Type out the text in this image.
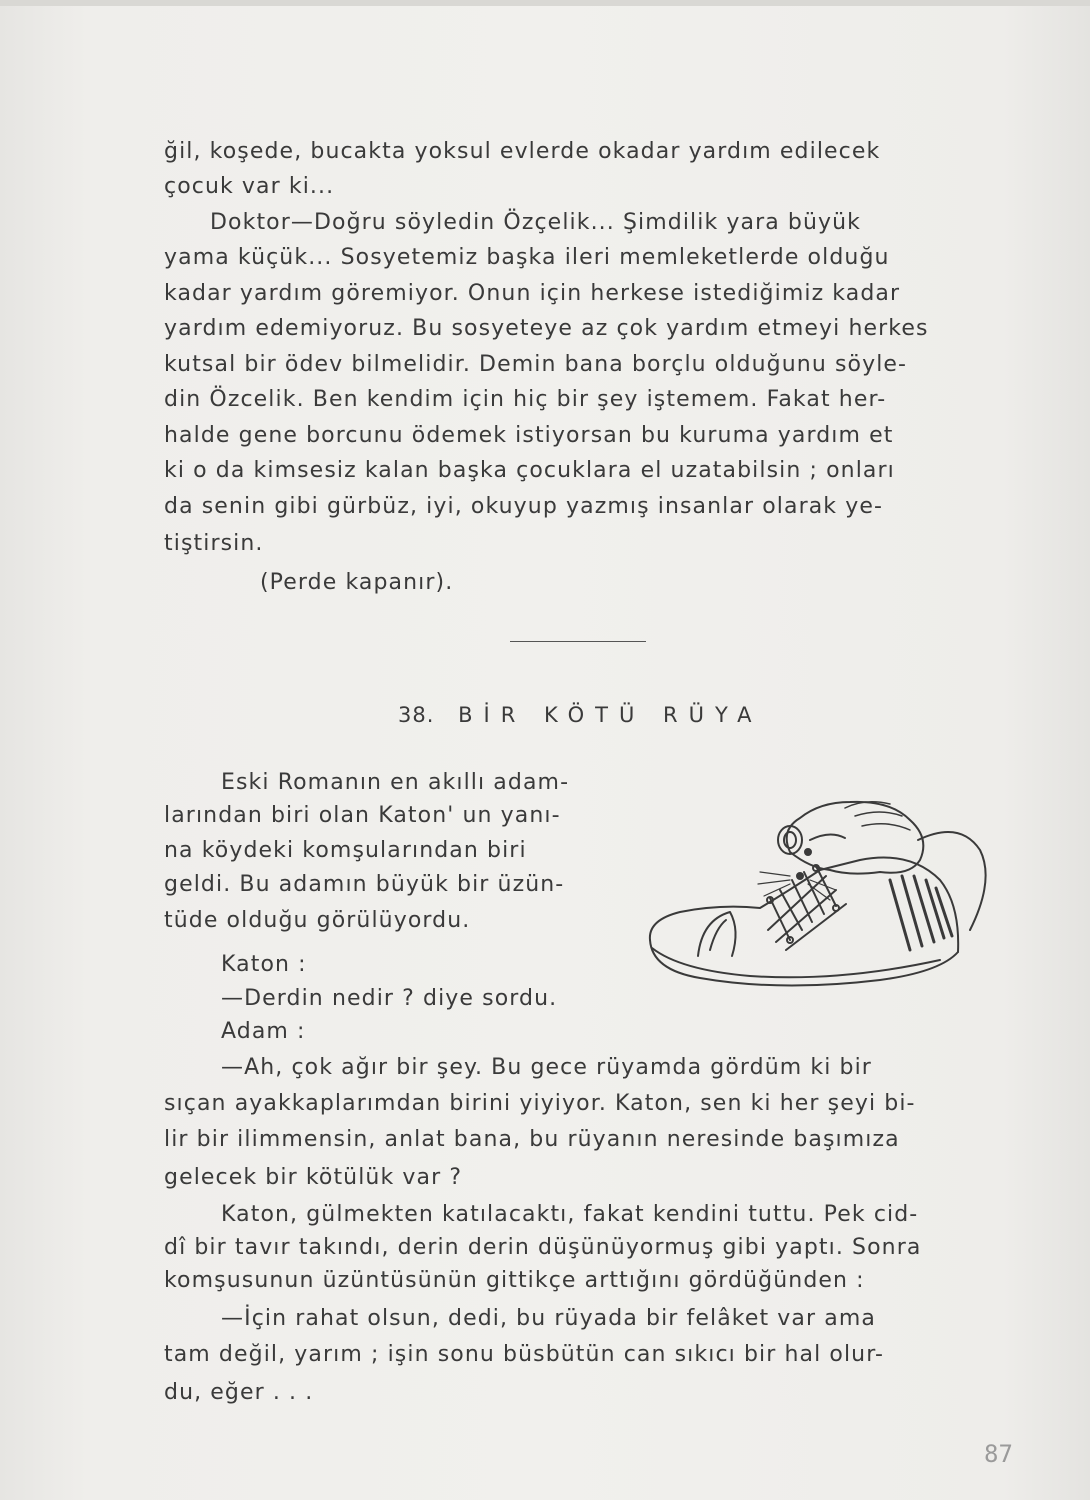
ğil, koşede, bucakta yoksul evlerde okadar yardım edilecek

çocuk var ki...

Doktor—Doğru söyledin Özçelik... Şimdilik yara büyük

yama küçük... Sosyetemiz başka ileri memleketlerde olduğu

kadar yardım göremiyor. Onun için herkese istediğimiz kadar

yardım edemiyoruz. Bu sosyeteye az çok yardım etmeyi herkes

kutsal bir ödev bilmelidir. Demin bana borçlu olduğunu söyle-

din Özcelik. Ben kendim için hiç bir şey iştemem. Fakat her-

halde gene borcunu ödemek istiyorsan bu kuruma yardım et

ki o da kimsesiz kalan başka çocuklara el uzatabilsin ; onları

da senin gibi gürbüz, iyi, okuyup yazmış insanlar olarak ye-

tiştirsin.

(Perde kapanır).

38. BİR KÖTÜ RÜYA

Eski Romanın en akıllı adam-

larından biri olan Katon' un yanı-

na köydeki komşularından biri

geldi. Bu adamın büyük bir üzün-

tüde olduğu görülüyordu.

Katon :

—Derdin nedir ? diye sordu.

Adam :

—Ah, çok ağır bir şey. Bu gece rüyamda gördüm ki bir

sıçan ayakkaplarımdan birini yiyiyor. Katon, sen ki her şeyi bi-

lir bir ilimmensin, anlat bana, bu rüyanın neresinde başımıza

gelecek bir kötülük var ?

Katon, gülmekten katılacaktı, fakat kendini tuttu. Pek cid-

dî bir tavır takındı, derin derin düşünüyormuş gibi yaptı. Sonra

komşusunun üzüntüsünün gittikçe arttığını gördüğünden :

—İçin rahat olsun, dedi, bu rüyada bir felâket var ama

tam değil, yarım ; işin sonu büsbütün can sıkıcı bir hal olur-

du, eğer . . .

87
